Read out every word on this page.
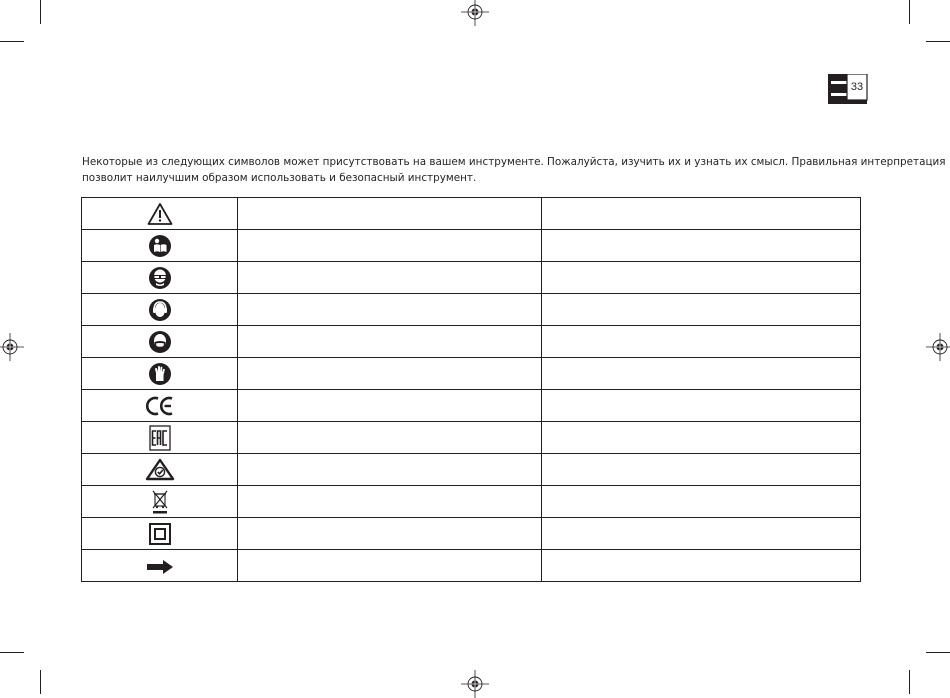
33
Некоторые из следующих символов может присутствовать на вашем инструменте. Пожалуйста, изучить их и узнать их смысл. Правильная интерпретация
позволит наилучшим образом использовать и безопасный инструмент.
